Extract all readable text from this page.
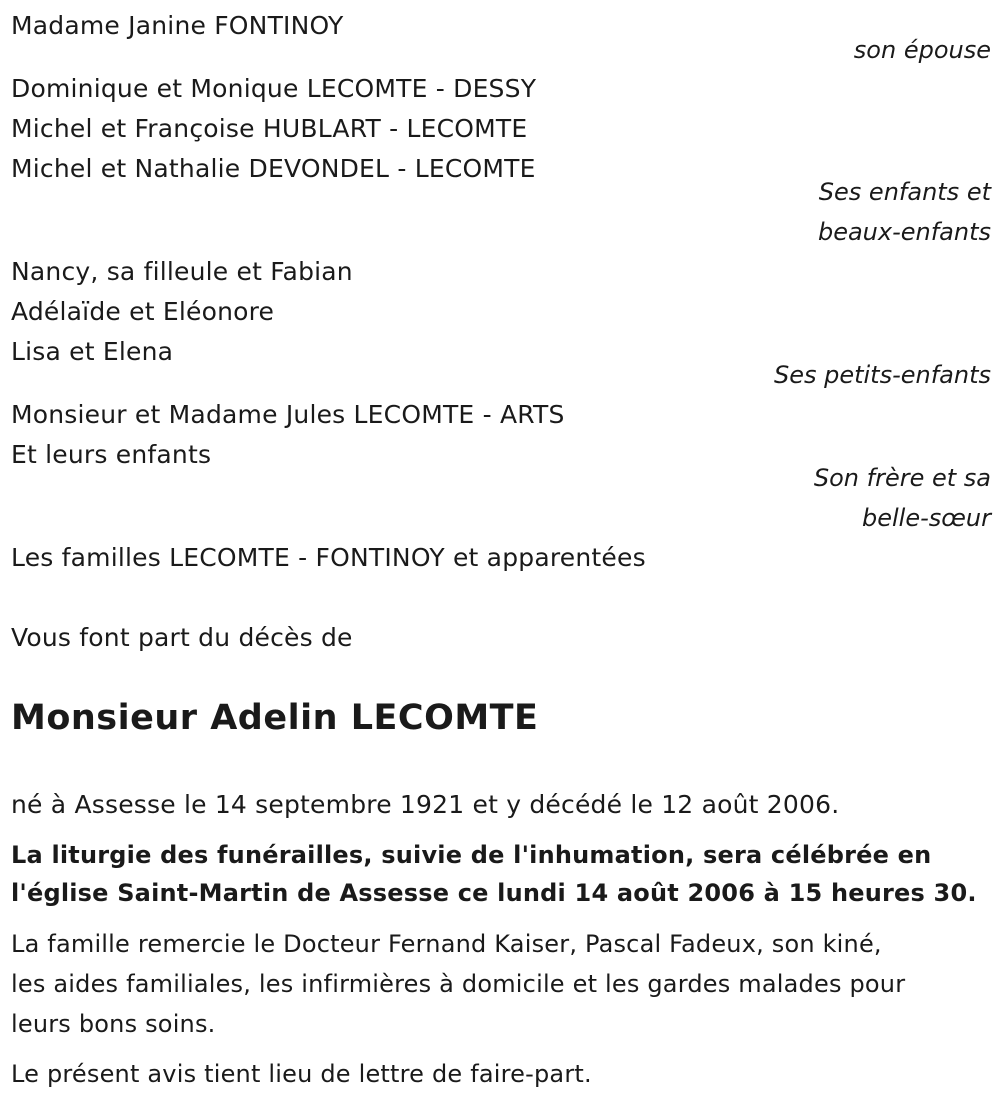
Madame Janine FONTINOY
son épouse
Dominique et Monique LECOMTE - DESSY
Michel et Françoise HUBLART - LECOMTE
Michel et Nathalie DEVONDEL - LECOMTE
Ses enfants et
beaux-enfants
Nancy, sa filleule et Fabian
Adélaïde et Eléonore
Lisa et Elena
Ses petits-enfants
Monsieur et Madame Jules LECOMTE - ARTS
Et leurs enfants
Son frère et sa
belle-sœur
Les familles LECOMTE - FONTINOY et apparentées
Vous font part du décès de
Monsieur Adelin LECOMTE
né à Assesse le 14 septembre 1921 et y décédé le 12 août 2006.
La liturgie des funérailles, suivie de l'inhumation, sera célébrée en
l'église Saint-Martin de Assesse ce lundi 14 août 2006 à 15 heures 30.
La famille remercie le Docteur Fernand Kaiser, Pascal Fadeux, son kiné,
les aides familiales, les infirmières à domicile et les gardes malades pour
leurs bons soins.
Le présent avis tient lieu de lettre de faire-part.
